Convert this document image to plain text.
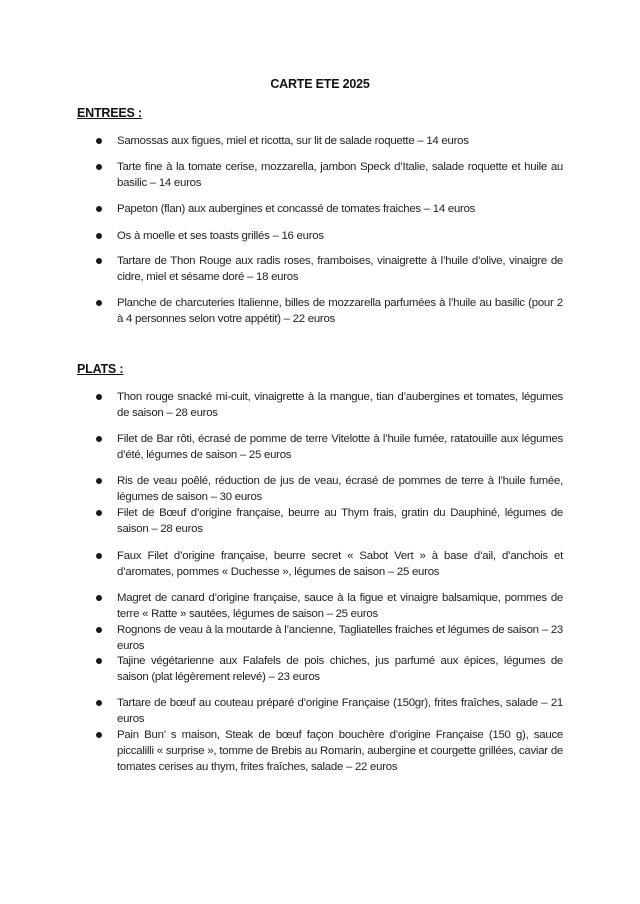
CARTE ETE 2025
ENTREES :
Samossas aux figues, miel et ricotta, sur lit de salade roquette – 14 euros
Tarte fine à la tomate cerise, mozzarella, jambon Speck d’Italie, salade roquette et huile au basilic – 14 euros
Papeton (flan) aux aubergines et concassé de tomates fraiches – 14 euros
Os à moelle et ses toasts grillés – 16 euros
Tartare de Thon Rouge aux radis roses, framboises, vinaigrette à l’huile d’olive, vinaigre de cidre, miel et sésame doré – 18 euros
Planche de charcuteries Italienne, billes de mozzarella parfumées à l’huile au basilic (pour 2 à 4 personnes selon votre appétit) – 22 euros
PLATS :
Thon rouge snacké mi-cuit, vinaigrette à la mangue, tian d’aubergines et tomates, légumes de saison – 28 euros
Filet de Bar rôti, écrasé de pomme de terre Vitelotte à l’huile fumée, ratatouille aux légumes d’été, légumes de saison – 25 euros
Ris de veau poêlé, réduction de jus de veau, écrasé de pommes de terre à l’huile fumée, légumes de saison – 30 euros
Filet de Bœuf d’origine française, beurre au Thym frais, gratin du Dauphiné, légumes de saison – 28 euros
Faux Filet d’origine française, beurre secret « Sabot Vert » à base d’ail, d’anchois et d’aromates, pommes « Duchesse », légumes de saison – 25 euros
Magret de canard d’origine française, sauce à la figue et vinaigre balsamique, pommes de terre « Ratte » sautées, légumes de saison – 25 euros
Rognons de veau à la moutarde à l’ancienne, Tagliatelles fraiches et légumes de saison – 23 euros
Tajine végétarienne aux Falafels de pois chiches, jus parfumé aux épices, légumes de saison (plat légèrement relevé) – 23 euros
Tartare de bœuf au couteau préparé d’origine Française (150gr), frites fraîches, salade – 21 euros
Pain Bun’ s maison, Steak de bœuf façon bouchère d’origine Française (150 g), sauce piccalilli « surprise », tomme de Brebis au Romarin, aubergine et courgette grillées, caviar de tomates cerises au thym, frites fraîches, salade – 22 euros
